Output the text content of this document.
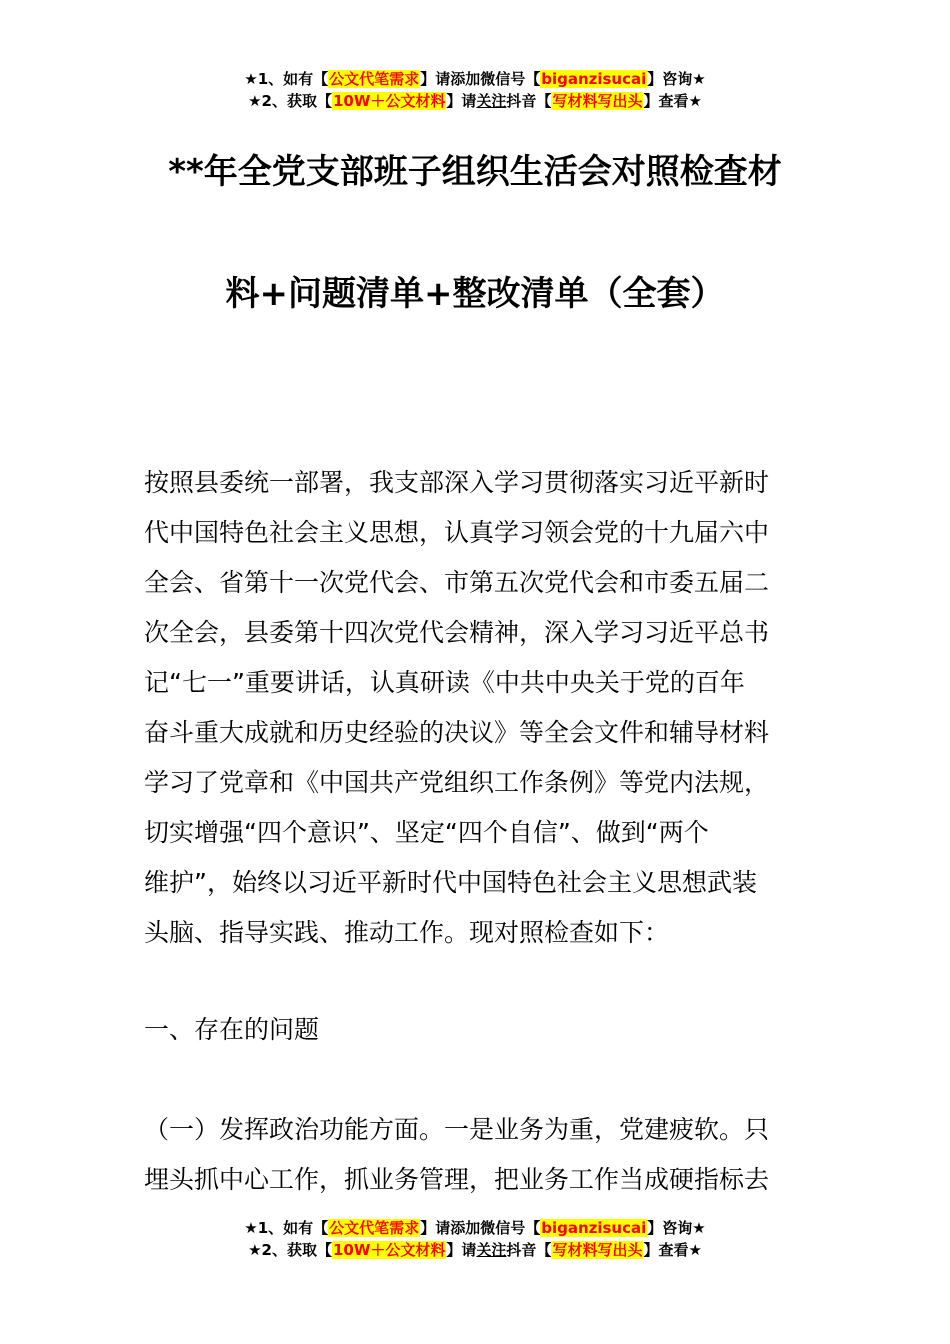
★1、如有【公文代笔需求】请添加微信号【biganzisucai】咨询★
★2、获取【10W＋公文材料】请关注抖音【写材料写出头】查看★
**年全党支部班子组织生活会对照检查材
料+问题清单+整改清单（全套）
按照县委统一部署，我支部深入学习贯彻落实习近平新时
代中国特色社会主义思想，认真学习领会党的十九届六中
全会、省第十一次党代会、市第五次党代会和市委五届二
次全会，县委第十四次党代会精神，深入学习习近平总书
记“七一”重要讲话，认真研读《中共中央关于党的百年
奋斗重大成就和历史经验的决议》等全会文件和辅导材料
学习了党章和《中国共产党组织工作条例》等党内法规，
切实增强“四个意识”、坚定“四个自信”、做到“两个
维护”，始终以习近平新时代中国特色社会主义思想武装
头脑、指导实践、推动工作。现对照检查如下：
一、存在的问题
（一）发挥政治功能方面。一是业务为重，党建疲软。只
埋头抓中心工作，抓业务管理，把业务工作当成硬指标去
★1、如有【公文代笔需求】请添加微信号【biganzisucai】咨询★
★2、获取【10W＋公文材料】请关注抖音【写材料写出头】查看★
